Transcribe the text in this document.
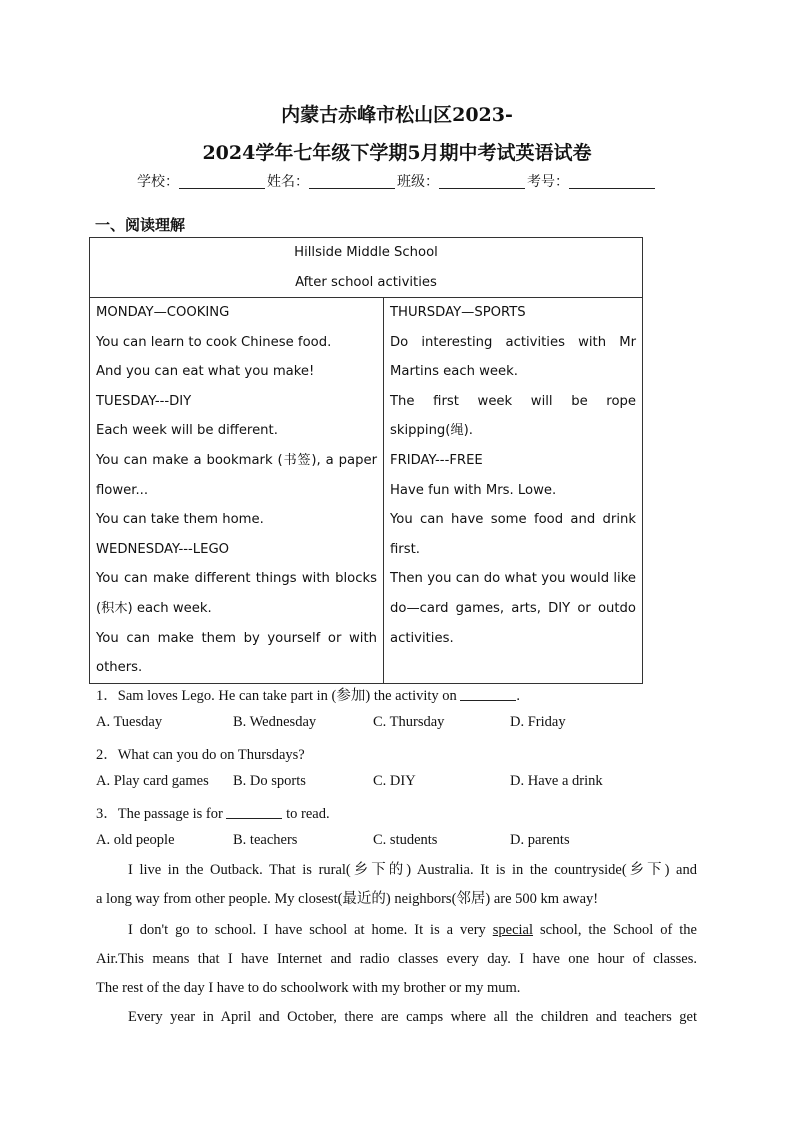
内蒙古赤峰市松山区2023-
2024学年七年级下学期5月期中考试英语试卷
学校：	姓名：	班级：	考号：
一、阅读理解
Hillside Middle School
After school activities

MONDAY—COOKING

You can learn to cook Chinese food.

And you can eat what you make!

TUESDAY---DIY

Each week will be different.

You can make a bookmark (书签), a paper

flower...

You can take them home.

WEDNESDAY---LEGO

You can make different things with blocks

(积木) each week.

You can make them by yourself or with

others.

THURSDAY—SPORTS

Do interesting activities with Mr

Martins each week.

The first week will be rope

skipping(绳).

FRIDAY---FREE

Have fun with Mrs. Lowe.

You can have some food and drink

first.

Then you can do what you would like

do—card games, arts, DIY or outdo

activities.

1．Sam loves Lego. He can take part in (参加) the activity on	.
A. Tuesday	B. Wednesday	C. Thursday	D. Friday
2．What can you do on Thursdays?
A. Play card games B. Do sports	C. DIY	D. Have a drink
3．The passage is for	to read.
A. old people	B. teachers	C. students	D. parents

I live in the Outback. That is rural(乡下的) Australia. It is in the countryside(乡下) and

a long way from other people. My closest(最近的) neighbors(邻居) are 500 km away!

I don't go to school. I have school at home. It is a very special school, the School of the

Air.This means that I have Internet and radio classes every day. I have one hour of classes.

The rest of the day I have to do schoolwork with my brother or my mum.

Every year in April and October, there are camps where all the children and teachers get
